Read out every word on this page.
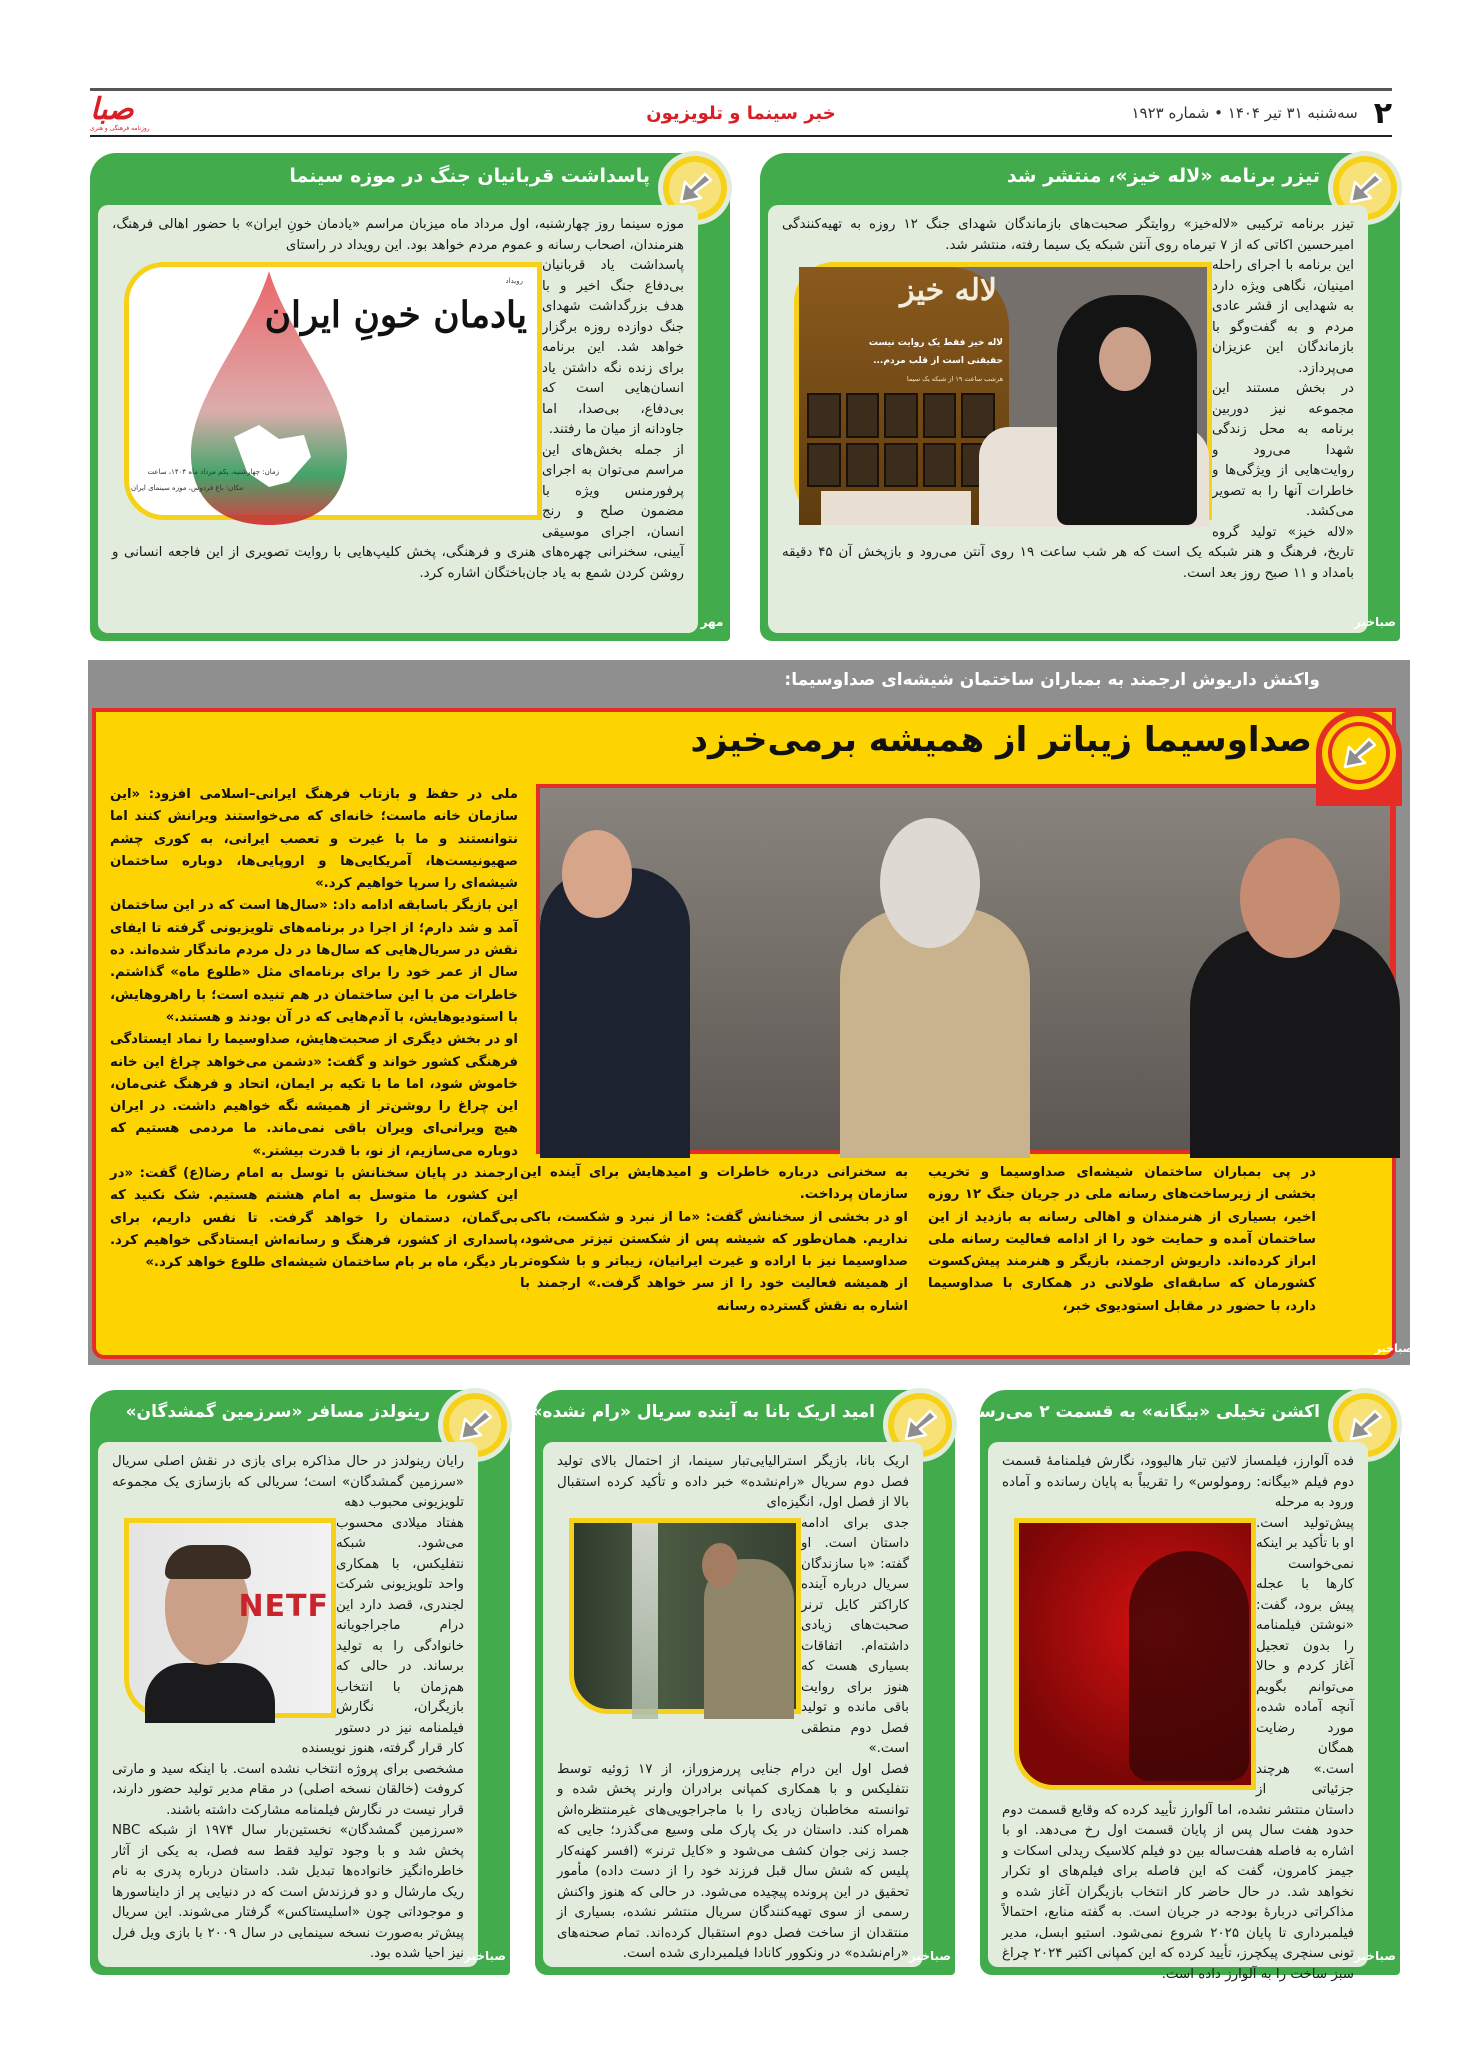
۲
سه‌شنبه ۳۱ تیر ۱۴۰۴ • شماره ۱۹۲۳
خبر سینما و تلویزیون
صبا
روزنامه فرهنگی و هنری
تیزر برنامه «لاله خیز»، منتشر شد

تیزر برنامه ترکیبی «لاله‌خیز» روایتگر صحبت‌های بازماندگان شهدای جنگ ۱۲ روزه به تهیه‌کنندگی امیرحسین اکاتی که از ۷ تیرماه روی آنتن شبکه یک سیما رفته، منتشر شد.

لاله خیز
لاله خیز فقط یک روایت نیست
حقیقتی است از قلب مردم...
هرشب ساعت ۱۹ از شبکه یک سیما

این برنامه با اجرای راحله امینیان، نگاهی ویژه دارد به شهدایی از قشر عادی مردم و به گفت‌وگو با بازماندگان این عزیزان می‌پردازد.

در بخش مستند این مجموعه نیز دوربین برنامه به محل زندگی شهدا می‌رود و روایت‌هایی از ویژگی‌ها و خاطرات آنها را به تصویر می‌کشد.

«لاله خیز» تولید گروه تاریخ، فرهنگ و هنر شبکه یک است که هر شب ساعت ۱۹ روی آنتن می‌رود و بازپخش آن ۴۵ دقیقه بامداد و ۱۱ صبح روز بعد است.

صباخبر
پاسداشت قربانیان جنگ در موزه سینما

موزه سینما روز چهارشنبه، اول مرداد ماه میزبان مراسم «یادمان خونِ ایران» با حضور اهالی فرهنگ، هنرمندان، اصحاب رسانه و عموم مردم خواهد بود. این رویداد در راستای

رویداد
یادمان خونِ ایران
زمان: چهارشنبه، یکم مرداد ماه ۱۴۰۴، ساعت
مکان: باغ فردوس، موزه سینمای ایران

پاسداشت یاد قربانیان بی‌دفاع جنگ اخیر و با هدف بزرگداشت شهدای جنگ دوازده روزه برگزار خواهد شد. این برنامه برای زنده نگه داشتن یاد انسان‌هایی است که بی‌دفاع، بی‌صدا، اما جاودانه از میان ما رفتند.

از جمله بخش‌های این مراسم می‌توان به اجرای پرفورمنس ویژه با مضمون صلح و رنج انسان، اجرای موسیقی آیینی، سخنرانی چهره‌های هنری و فرهنگی، پخش کلیپ‌هایی با روایت تصویری از این فاجعه انسانی و روشن کردن شمع به یاد جان‌باختگان اشاره کرد.

مهر
واکنش داریوش ارجمند به بمباران ساختمان شیشه‌ای صداوسیما:
صداوسیما زیباتر از همیشه برمی‌خیزد
در پی بمباران ساختمان شیشه‌ای صداوسیما و تخریب بخشی از زیرساخت‌های رسانه ملی در جریان جنگ ۱۲ روزه اخیر، بسیاری از هنرمندان و اهالی رسانه به بازدید از این ساختمان آمده و حمایت خود را از ادامه فعالیت رسانه ملی ابراز کرده‌اند. داریوش ارجمند، بازیگر و هنرمند پیش‌کسوت کشورمان که سابقه‌ای طولانی در همکاری با صداوسیما دارد، با حضور در مقابل استودیوی خبر،
به سخنرانی درباره خاطرات و امیدهایش برای آینده این سازمان پرداخت.
او در بخشی از سخنانش گفت: «ما از نبرد و شکست، باکی نداریم. همان‌طور که شیشه پس از شکستن تیزتر می‌شود، صداوسیما نیز با اراده و غیرت ایرانیان، زیباتر و با شکوه‌تر از همیشه فعالیت خود را از سر خواهد گرفت.» ارجمند با اشاره به نقش گسترده رسانه

ملی در حفظ و بازتاب فرهنگ ایرانی–اسلامی افزود: «این سازمان خانه ماست؛ خانه‌ای که می‌خواستند ویرانش کنند اما نتوانستند و ما با غیرت و تعصب ایرانی، به کوری چشم صهیونیست‌ها، آمریکایی‌ها و اروپایی‌ها، دوباره ساختمان شیشه‌ای را سرپا خواهیم کرد.»

این بازیگر باسابقه ادامه داد: «سال‌ها است که در این ساختمان آمد و شد دارم؛ از اجرا در برنامه‌های تلویزیونی گرفته تا ایفای نقش در سریال‌هایی که سال‌ها در دل مردم ماندگار شده‌اند. ده سال از عمر خود را برای برنامه‌ای مثل «طلوع ماه» گذاشتم. خاطرات من با این ساختمان در هم تنیده است؛ با راهروهایش، با استودیوهایش، با آدم‌هایی که در آن بودند و هستند.»

او در بخش دیگری از صحبت‌هایش، صداوسیما را نماد ایستادگی فرهنگی کشور خواند و گفت: «دشمن می‌خواهد چراغ این خانه خاموش شود، اما ما با تکیه بر ایمان، اتحاد و فرهنگ غنی‌مان، این چراغ را روشن‌تر از همیشه نگه خواهیم داشت. در ایران هیچ ویرانی‌ای ویران باقی نمی‌ماند. ما مردمی هستیم که دوباره می‌سازیم، از نو، با قدرت بیشتر.»

ارجمند در پایان سخنانش با توسل به امام رضا(ع) گفت: «در این کشور، ما متوسل به امام هشتم هستیم. شک نکنید که بی‌گمان، دستمان را خواهد گرفت. تا نفس داریم، برای پاسداری از کشور، فرهنگ و رسانه‌اش ایستادگی خواهیم کرد. بار دیگر، ماه بر بام ساختمان شیشه‌ای طلوع خواهد کرد.»

صباخبر
اکشن تخیلی «بیگانه» به قسمت ۲ می‌رسد

فده آلوارز، فیلمساز لاتین تبار هالیوود، نگارش فیلمنامهٔ قسمت دوم فیلم «بیگانه: رومولوس» را تقریباً به پایان رسانده و آماده ورود به مرحله

پیش‌تولید است. او با تأکید بر اینکه نمی‌خواست کارها با عجله پیش برود، گفت: «نوشتن فیلمنامه را بدون تعجیل آغاز کردم و حالا می‌توانم بگویم آنچه آماده شده، مورد رضایت همگان

است.» هرچند جزئیاتی از داستان منتشر نشده، اما آلوارز تأیید کرده که وقایع قسمت دوم حدود هفت سال پس از پایان قسمت اول رخ می‌دهد. او با اشاره به فاصله هفت‌ساله بین دو فیلم کلاسیک ریدلی اسکات و جیمز کامرون، گفت که این فاصله برای فیلم‌های او تکرار نخواهد شد. در حال حاضر کار انتخاب بازیگران آغاز شده و مذاکراتی دربارهٔ بودجه در جریان است. به گفته منابع، احتمالاً فیلمبرداری تا پایان ۲۰۲۵ شروع نمی‌شود. استیو ابسل، مدیر تونی سنچری پیکچرز، تأیید کرده که این کمپانی اکتبر ۲۰۲۴ چراغ سبز ساخت را به آلوارز داده است.

صباخبر
امید اریک بانا به آینده سریال «رام نشده»

اریک بانا، بازیگر استرالیایی‌تبار سینما، از احتمال بالای تولید فصل دوم سریال «رام‌نشده» خبر داده و تأکید کرده استقبال بالا از فصل اول، انگیزه‌ای

جدی برای ادامه داستان است. او گفته: «با سازندگان سریال درباره آینده کاراکتر کایل ترنر صحبت‌های زیادی داشته‌ام. اتفاقات بسیاری هست که هنوز برای روایت باقی مانده و تولید فصل دوم منطقی است.»

فصل اول این درام جنایی پررمزوراز، از ۱۷ ژوئیه توسط نتفلیکس و با همکاری کمپانی برادران وارنر پخش شده و توانسته مخاطبان زیادی را با ماجراجویی‌های غیرمنتظره‌اش همراه کند. داستان در یک پارک ملی وسیع می‌گذرد؛ جایی که جسد زنی جوان کشف می‌شود و «کایل ترنر» (افسر کهنه‌کار پلیس که شش سال قبل فرزند خود را از دست داده) مأمور تحقیق در این پرونده پیچیده می‌شود. در حالی که هنوز واکنش رسمی از سوی تهیه‌کنندگان سریال منتشر نشده، بسیاری از منتقدان از ساخت فصل دوم استقبال کرده‌اند. تمام صحنه‌های «رام‌نشده» در ونکوور کانادا فیلمبرداری شده است. صباخبر
رینولدز مسافر «سرزمین گمشدگان»

رایان رینولدز در حال مذاکره برای بازی در نقش اصلی سریال «سرزمین گمشدگان» است؛ سریالی که بازسازی یک مجموعه تلویزیونی محبوب دهه

NETF

هفتاد میلادی محسوب می‌شود. شبکه نتفلیکس، با همکاری واحد تلویزیونی شرکت لجندری، قصد دارد این درام ماجراجویانه خانوادگی را به تولید برساند. در حالی که هم‌زمان با انتخاب بازیگران، نگارش فیلمنامه نیز در دستور کار قرار گرفته، هنوز نویسنده

مشخصی برای پروژه انتخاب نشده است. با اینکه سید و مارتی کروفت (خالقان نسخه اصلی) در مقام مدیر تولید حضور دارند، قرار نیست در نگارش فیلمنامه مشارکت داشته باشند.
«سرزمین گمشدگان» نخستین‌بار سال ۱۹۷۴ از شبکه NBC پخش شد و با وجود تولید فقط سه فصل، به یکی از آثار خاطره‌انگیز خانواده‌ها تبدیل شد. داستان درباره پدری به نام ریک مارشال و دو فرزندش است که در دنیایی پر از دایناسورها و موجوداتی چون «اسلیستاکس» گرفتار می‌شوند. این سریال پیش‌تر به‌صورت نسخه سینمایی در سال ۲۰۰۹ با بازی ویل فرل نیز احیا شده بود.	صباخبر
